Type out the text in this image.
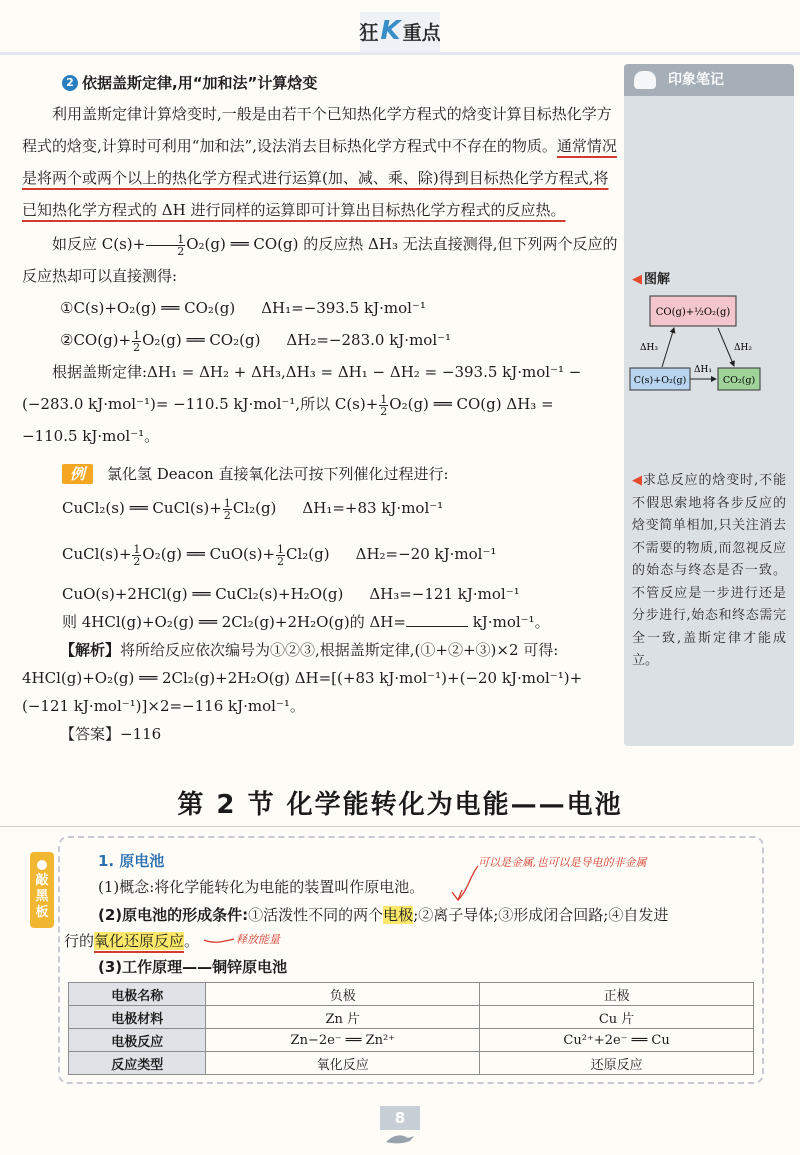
狂K 重点
2 依据盖斯定律,用“加和法”计算焓变

利用盖斯定律计算焓变时,一般是由若干个已知热化学方程式的焓变计算目标热化学方程式的焓变,计算时可利用“加和法”,设法消去目标热化学方程式中不存在的物质。通常情况是将两个或两个以上的热化学方程式进行运算(加、减、乘、除)得到目标热化学方程式,将已知热化学方程式的 ΔH 进行同样的运算即可计算出目标热化学方程式的反应热。

如反应 $C(s)+ \frac{1}{2} O_2(g)$ ══ CO(g) 的反应热 ΔH₃ 无法直接测得,但下列两个反应的反应热却可以直接测得:

①C(s)+O₂(g) ══ CO₂(g) ΔH₁=−393.5 kJ·mol⁻¹

②CO(g)+ $\frac{1}{2} O_2(g)$ ══ CO₂(g) ΔH₂=−283.0 kJ·mol⁻¹

根据盖斯定律:ΔH₁ = ΔH₂ + ΔH₃,ΔH₃ = ΔH₁ − ΔH₂ = −393.5 kJ·mol⁻¹ −

(−283.0 kJ·mol⁻¹)= −110.5 kJ·mol⁻¹,所以 $C(s)+ \frac{1}{2} O_2(g)$ ══ CO(g) ΔH₃ =

−110.5 kJ·mol⁻¹。

例 氯化氢 Deacon 直接氧化法可按下列催化过程进行:

CuCl₂(s) ══ CuCl(s)+ $\frac{1}{2} Cl_2(g)$ ΔH₁=+83 kJ·mol⁻¹

CuCl(s)+ $\frac{1}{2} O_2(g)$ ══ $CuO(s)+ \frac{1}{2} Cl_2(g)$ ΔH₂=−20 kJ·mol⁻¹

CuO(s)+2HCl(g) ══ CuCl₂(s)+H₂O(g) ΔH₃=−121 kJ·mol⁻¹

则 4HCl(g)+O₂(g) ══ 2Cl₂(g)+2H₂O(g)的 ΔH=	kJ·mol⁻¹。

【解析】将所给反应依次编号为①②③,根据盖斯定律,(①+②+③)×2 可得:

4HCl(g)+O₂(g) ══ 2Cl₂(g)+2H₂O(g) ΔH=[(+83 kJ·mol⁻¹)+(−20 kJ·mol⁻¹)+

(−121 kJ·mol⁻¹)]×2=−116 kJ·mol⁻¹。

【答案】−116

印象笔记
◀ 图解
CO(g)+½O₂(g)
C(s)+O₂(g)	CO₂(g)
ΔH₃	ΔH₂
ΔH₁
◀求总反应的焓变时,不能不假思索地将各步反应的焓变简单相加,只关注消去不需要的物质,而忽视反应的始态与终态是否一致。不管反应是一步进行还是分步进行,始态和终态需完全一致,盖斯定律才能成立。
第 2 节 化学能转化为电能——电池
敲
黑
板
1. 原电池
(1)概念:将化学能转化为电能的装置叫作原电池。
(2)原电池的形成条件:①活泼性不同的两个电极;②离子导体;③形成闭合回路;④自发进
行的氧化还原反应。
(3)工作原理——铜锌原电池
可以是金属,也可以是导电的非金属
释放能量
电极名称	负极	正极
电极材料	Zn 片	Cu 片
电极反应	Zn−2e⁻ ══ Zn²⁺	Cu²⁺+2e⁻ ══ Cu
反应类型	氧化反应	还原反应
8
